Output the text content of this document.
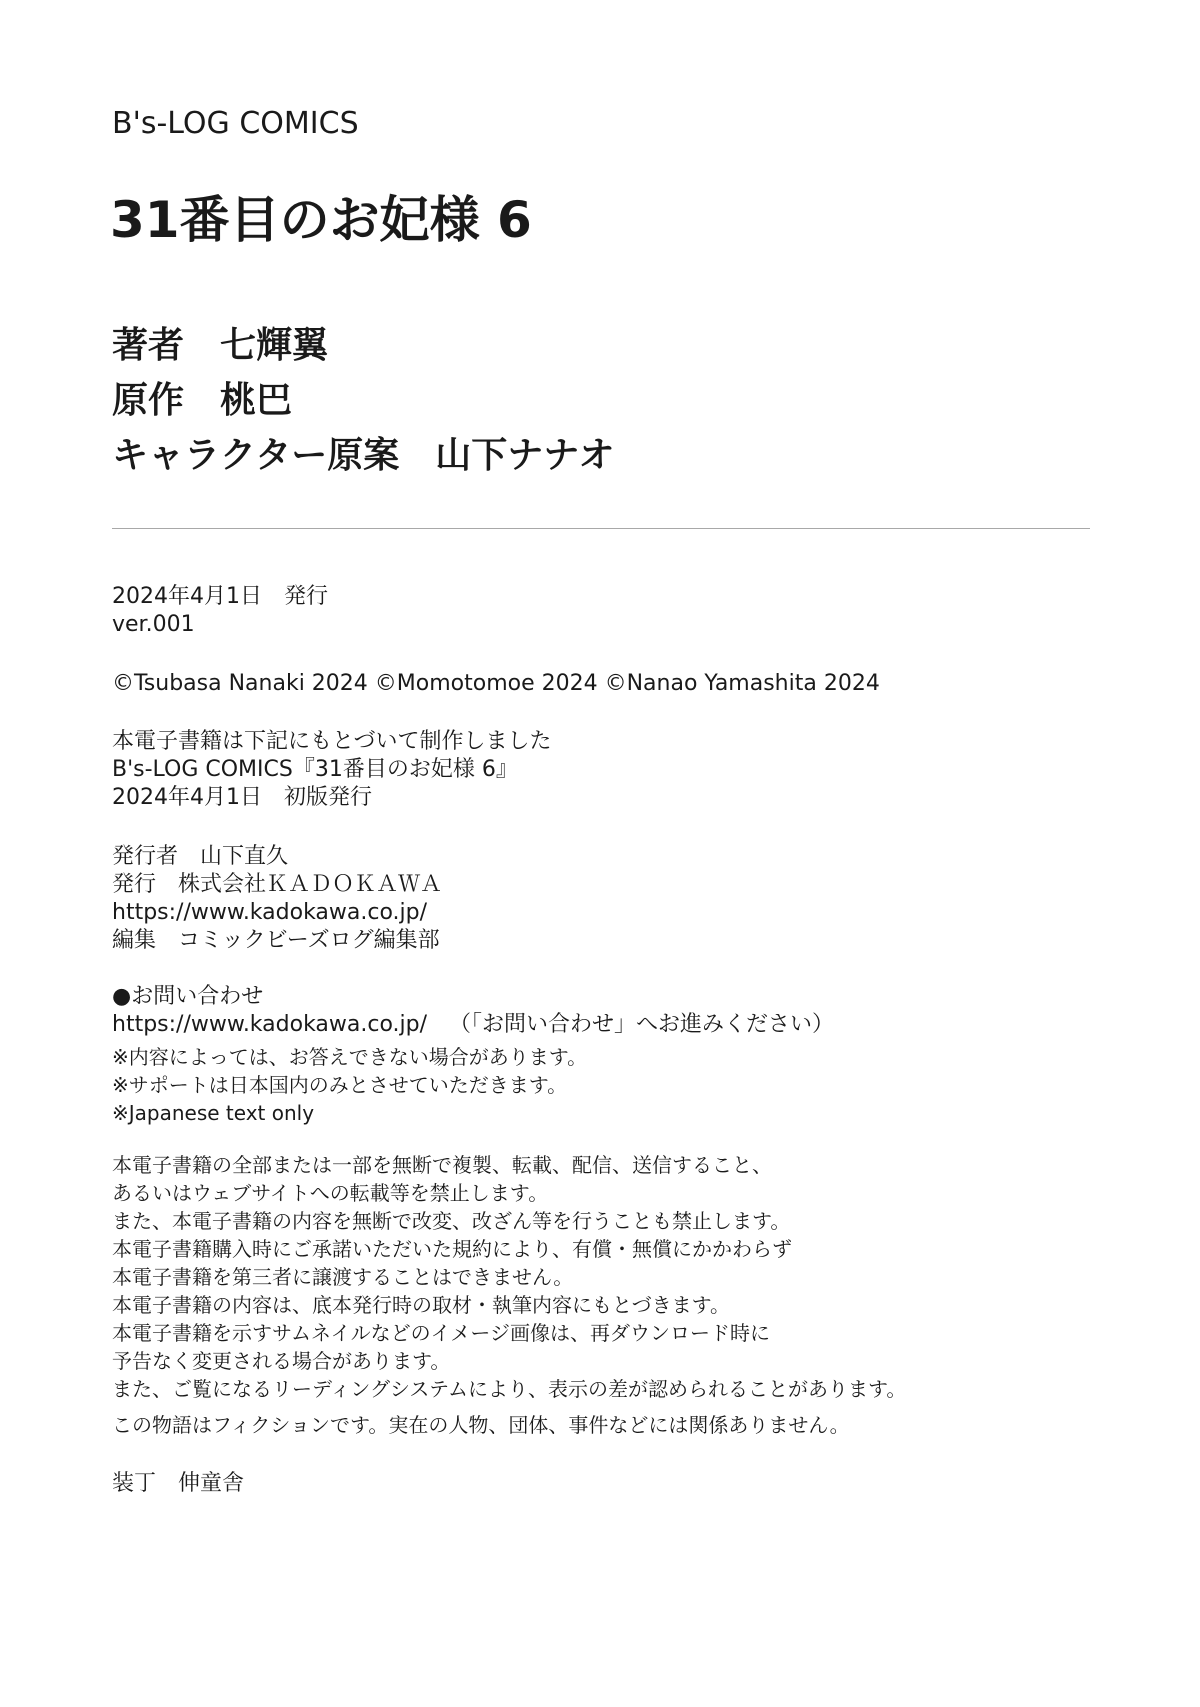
B's-LOG COMICS
31番目のお妃様 6
著者 七輝翼
原作 桃巴
キャラクター原案 山下ナナオ
2024年4月1日 発行
ver.001
©Tsubasa Nanaki 2024 ©Momotomoe 2024 ©Nanao Yamashita 2024
本電子書籍は下記にもとづいて制作しました
B's-LOG COMICS『31番目のお妃様 6』
2024年4月1日 初版発行
発行者 山下直久
発行 株式会社ＫＡＤＯＫＡＷＡ
https://www.kadokawa.co.jp/
編集 コミックビーズログ編集部
●お問い合わせ
https://www.kadokawa.co.jp/ （「お問い合わせ」へお進みください）
※内容によっては、お答えできない場合があります。
※サポートは日本国内のみとさせていただきます。
※Japanese text only
本電子書籍の全部または一部を無断で複製、転載、配信、送信すること、
あるいはウェブサイトへの転載等を禁止します。
また、本電子書籍の内容を無断で改変、改ざん等を行うことも禁止します。
本電子書籍購入時にご承諾いただいた規約により、有償・無償にかかわらず
本電子書籍を第三者に譲渡することはできません。
本電子書籍の内容は、底本発行時の取材・執筆内容にもとづきます。
本電子書籍を示すサムネイルなどのイメージ画像は、再ダウンロード時に
予告なく変更される場合があります。
また、ご覧になるリーディングシステムにより、表示の差が認められることがあります。
この物語はフィクションです。実在の人物、団体、事件などには関係ありません。
装丁 伸童舎
